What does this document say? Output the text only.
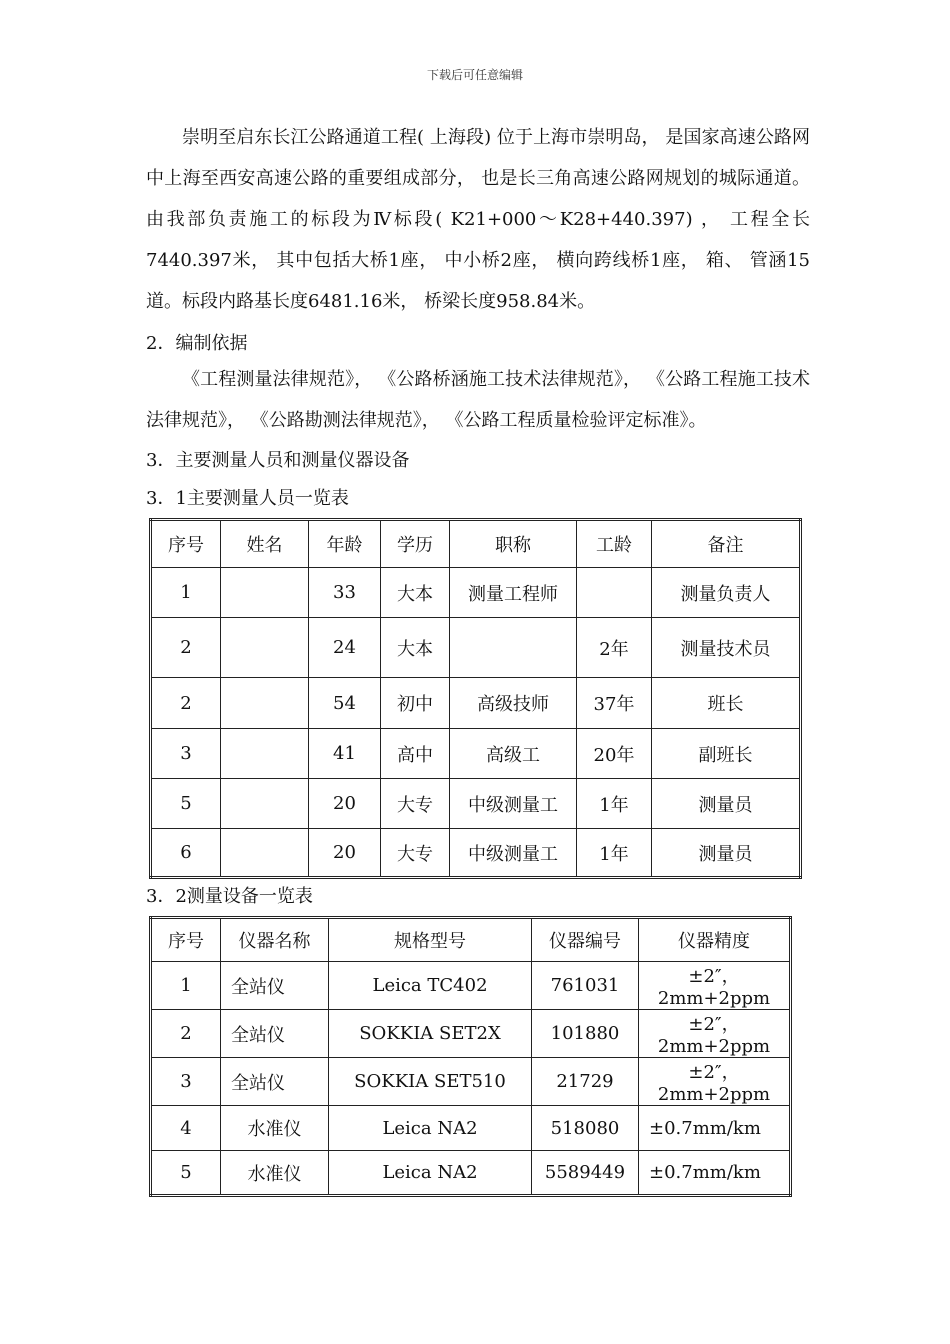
下载后可任意编辑
崇明至启东长江公路通道工程( 上海段) 位于上海市崇明岛， 是国家高速公路网中上海至西安高速公路的重要组成部分， 也是长三角高速公路网规划的城际通道。由我部负责施工的标段为Ⅳ标段( K21+000～K28+440.397) ， 工程全长7440.397米， 其中包括大桥1座， 中小桥2座， 横向跨线桥1座， 箱、 管涵15道。标段内路基长度6481.16米， 桥梁长度958.84米。
2．编制依据
《工程测量法律规范》， 《公路桥涵施工技术法律规范》， 《公路工程施工技术法律规范》， 《公路勘测法律规范》， 《公路工程质量检验评定标准》。
3．主要测量人员和测量仪器设备
3．1主要测量人员一览表
序号	姓名	年龄	学历	职称	工龄	备注
1		33	大本	测量工程师		测量负责人
2		24	大本		2年	测量技术员
2		54	初中	高级技师	37年	班长
3		41	高中	高级工	20年	副班长
5		20	大专	中级测量工	1年	测量员
6		20	大专	中级测量工	1年	测量员
3．2测量设备一览表
序号	仪器名称	规格型号	仪器编号	仪器精度
1	全站仪	Leica TC402	761031	±2″，2mm+2ppm
2	全站仪	SOKKIA SET2X	101880	±2″，2mm+2ppm
3	全站仪	SOKKIA SET510	21729	±2″，2mm+2ppm
4	水准仪	Leica NA2	518080	±0.7mm/km
5	水准仪	Leica NA2	5589449	±0.7mm/km
